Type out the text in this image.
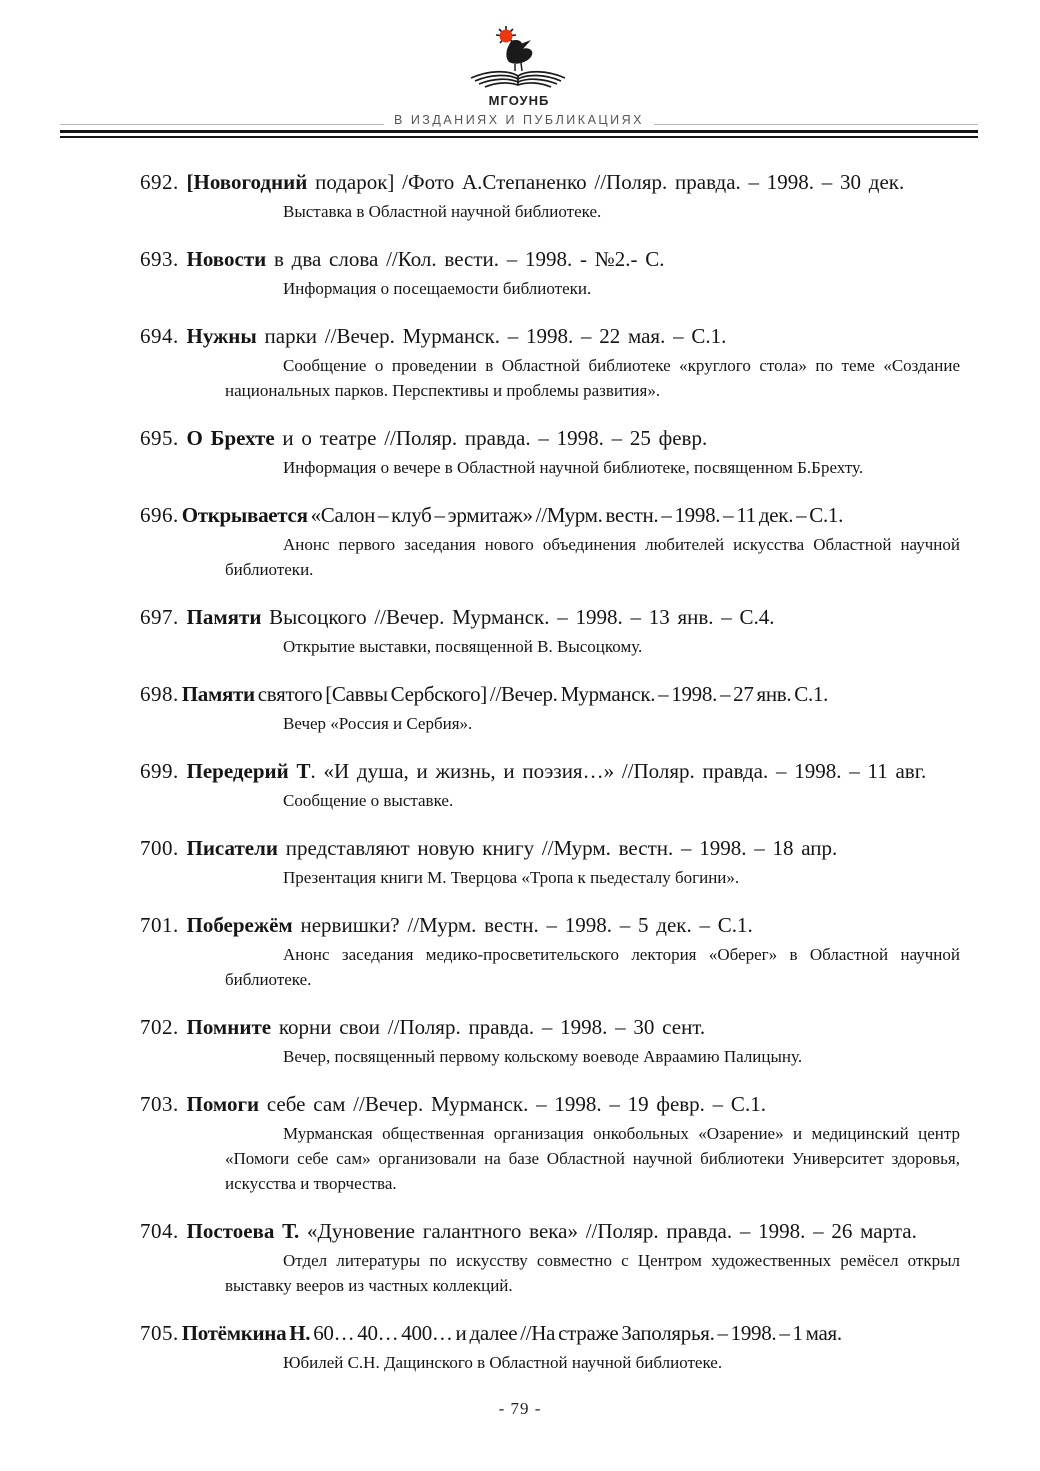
МГОУНБ
В ИЗДАНИЯХ И ПУБЛИКАЦИЯХ

692. [Новогодний подарок] /Фото А.Степаненко //Поляр. правда. – 1998. – 30 дек.

Выставка в Областной научной библиотеке.

693. Новости в два слова //Кол. вести. – 1998. - №2.- С.

Информация о посещаемости библиотеки.

694. Нужны парки //Вечер. Мурманск. – 1998. – 22 мая. – С.1.

Сообщение о проведении в Областной библиотеке «круглого стола» по теме «Создание национальных парков. Перспективы и проблемы развития».

695. О Брехте и о театре //Поляр. правда. – 1998. – 25 февр.

Информация о вечере в Областной научной библиотеке, посвященном Б.Брехту.

696. Открывается «Салон – клуб – эрмитаж» //Мурм. вестн. – 1998. – 11 дек. – С.1.

Анонс первого заседания нового объединения любителей искусства Областной научной библиотеки.

697. Памяти Высоцкого //Вечер. Мурманск. – 1998. – 13 янв. – С.4.

Открытие выставки, посвященной В. Высоцкому.

698. Памяти святого [Саввы Сербского] //Вечер. Мурманск. – 1998. – 27 янв. С.1.

Вечер «Россия и Сербия».

699. Передерий Т. «И душа, и жизнь, и поэзия…» //Поляр. правда. – 1998. – 11 авг.

Сообщение о выставке.

700. Писатели представляют новую книгу //Мурм. вестн. – 1998. – 18 апр.

Презентация книги М. Тверцова «Тропа к пьедесталу богини».

701. Побережём нервишки? //Мурм. вестн. – 1998. – 5 дек. – С.1.

Анонс заседания медико-просветительского лектория «Оберег» в Областной научной библиотеке.

702. Помните корни свои //Поляр. правда. – 1998. – 30 сент.

Вечер, посвященный первому кольскому воеводе Авраамию Палицыну.

703. Помоги себе сам //Вечер. Мурманск. – 1998. – 19 февр. – С.1.

Мурманская общественная организация онкобольных «Озарение» и медицинский центр «Помоги себе сам» организовали на базе Областной научной библиотеки Университет здоровья, искусства и творчества.

704. Постоева Т. «Дуновение галантного века» //Поляр. правда. – 1998. – 26 марта.

Отдел литературы по искусству совместно с Центром художественных ремёсел открыл выставку вееров из частных коллекций.

705. Потёмкина Н. 60… 40… 400… и далее //На страже Заполярья. – 1998. – 1 мая.

Юбилей С.Н. Дащинского в Областной научной библиотеке.

- 79 -
